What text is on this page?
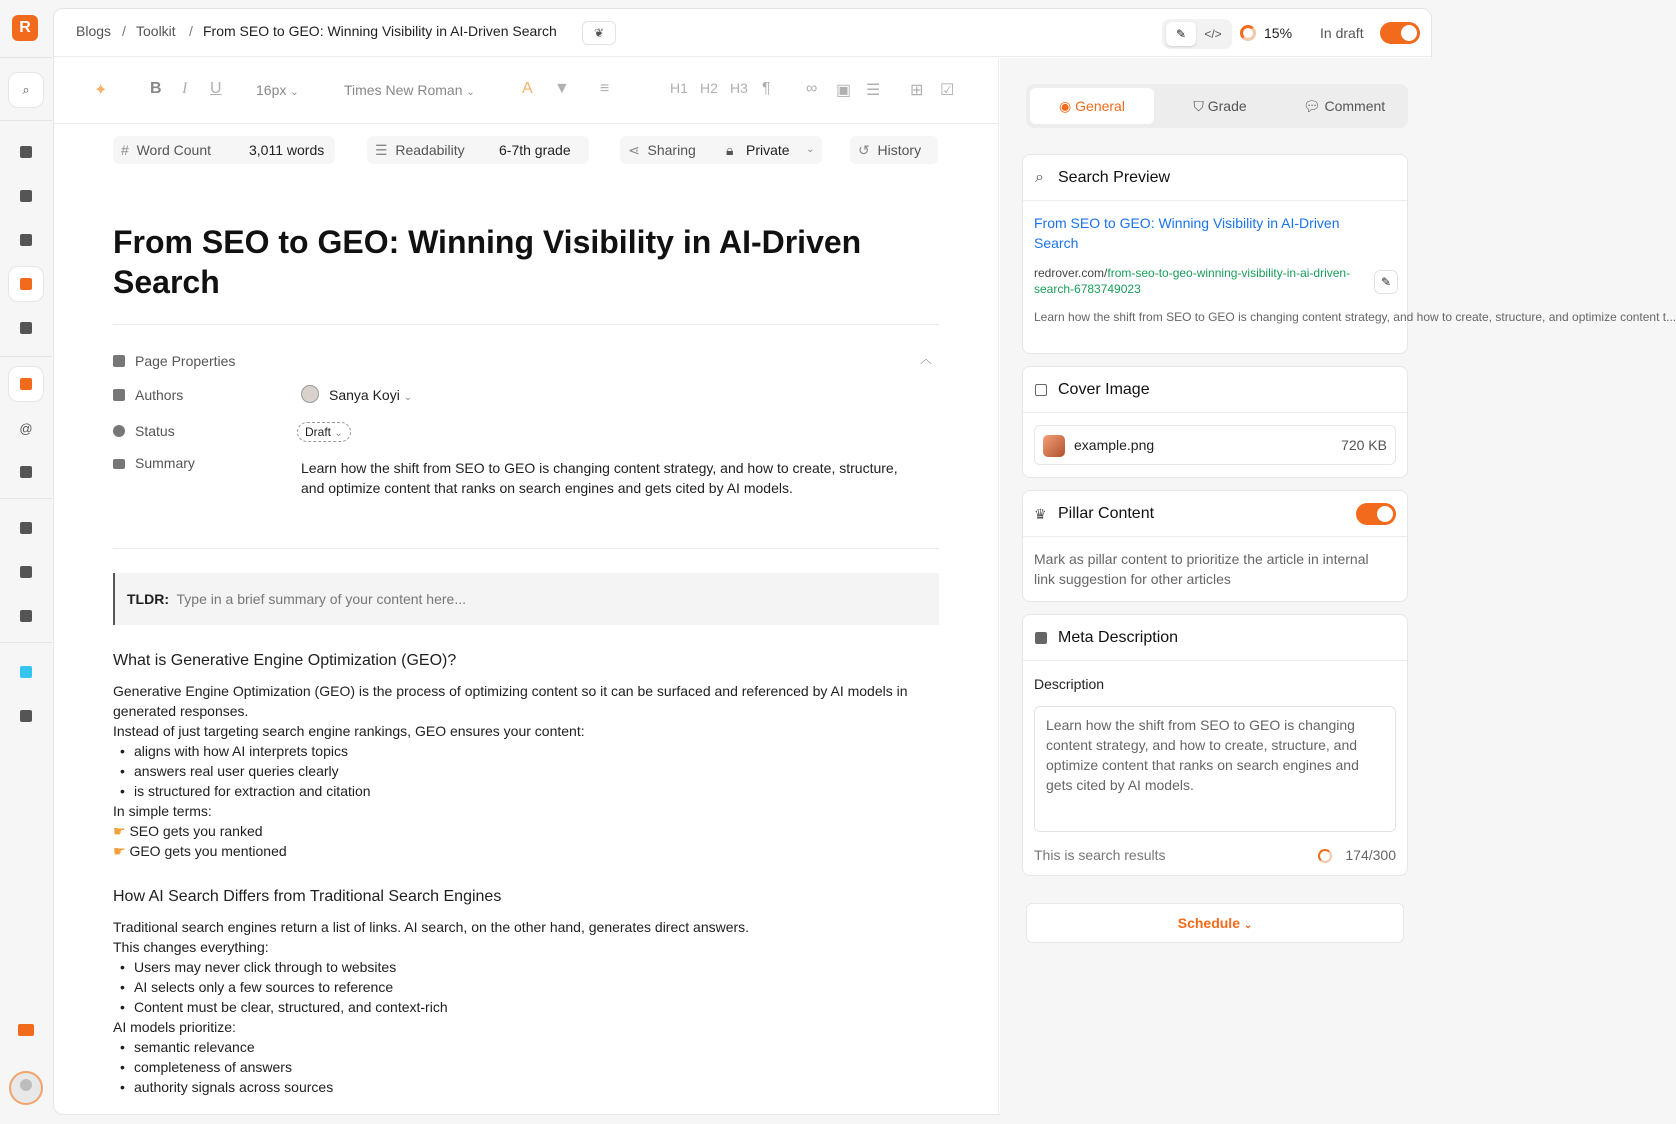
R
⌕
@
Blogs / Toolkit / From SEO to GEO: Winning Visibility in AI-Driven Search	❦	✎	</>	15% In draft
✦	B I U 16px ⌄	Times New Roman ⌄	A ▼ ≡	H1 H2 H3 ¶ ∞ ▣ ☰ ⊞ ☑
# Word Count	3,011 words	☰ Readability 6-7th grade	⋖ Sharing 🔒︎ Private ⌄	↺ History
From SEO to GEO: Winning Visibility in AI-Driven Search
Page Properties	︿
Authors	Sanya Koyi ⌄
Status	Draft ⌄
Summary	Learn how the shift from SEO to GEO is changing content strategy, and how to create, structure, and optimize content that ranks on search engines and gets cited by AI models.
TLDR: Type in a brief summary of your content here...
What is Generative Engine Optimization (GEO)?

Generative Engine Optimization (GEO) is the process of optimizing content so it can be surfaced and referenced by AI models in generated responses.

Instead of just targeting search engine rankings, GEO ensures your content:

• aligns with how AI interprets topics
• answers real user queries clearly
• is structured for extraction and citation

In simple terms:

☛ SEO gets you ranked

☛ GEO gets you mentioned

How AI Search Differs from Traditional Search Engines

Traditional search engines return a list of links. AI search, on the other hand, generates direct answers.

This changes everything:

• Users may never click through to websites
• AI selects only a few sources to reference
• Content must be clear, structured, and context-rich

AI models prioritize:

• semantic relevance
• completeness of answers
• authority signals across sources
◉ General	⛉ Grade	💬︎ Comment
⌕ Search Preview
From SEO to GEO: Winning Visibility in AI-Driven Search
redrover.com/from-seo-to-geo-winning-visibility-in-ai-driven-search-6783749023	✎
Learn how the shift from SEO to GEO is changing content strategy, and how to create, structure, and optimize content t...
Cover Image
example.png	720 KB
♛ Pillar Content
Mark as pillar content to prioritize the article in internal link suggestion for other articles
Meta Description
Description
Learn how the shift from SEO to GEO is changing content strategy, and how to create, structure, and optimize content that ranks on search engines and gets cited by AI models.
This is search results	174/300
Schedule ⌄
